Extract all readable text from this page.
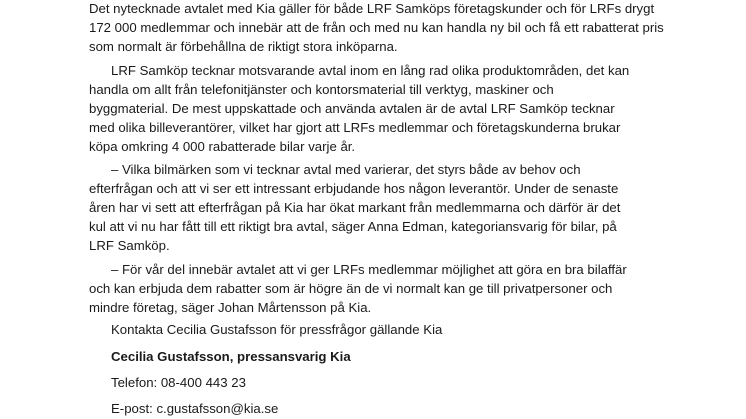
Det nytecknade avtalet med Kia gäller för både LRF Samköps företagskunder och för LRFs drygt
172 000 medlemmar och innebär att de från och med nu kan handla ny bil och få ett rabatterat pris
som normalt är förbehållna de riktigt stora inköparna.

LRF Samköp tecknar motsvarande avtal inom en lång rad olika produktområden, det kan
handla om allt från telefonitjänster och kontorsmaterial till verktyg, maskiner och
byggmaterial. De mest uppskattade och använda avtalen är de avtal LRF Samköp tecknar
med olika billeverantörer, vilket har gjort att LRFs medlemmar och företagskunderna brukar
köpa omkring 4 000 rabatterade bilar varje år.

– Vilka bilmärken som vi tecknar avtal med varierar, det styrs både av behov och
efterfrågan och att vi ser ett intressant erbjudande hos någon leverantör. Under de senaste
åren har vi sett att efterfrågan på Kia har ökat markant från medlemmarna och därför är det
kul att vi nu har fått till ett riktigt bra avtal, säger Anna Edman, kategoriansvarig för bilar, på
LRF Samköp.

– För vår del innebär avtalet att vi ger LRFs medlemmar möjlighet att göra en bra bilaffär
och kan erbjuda dem rabatter som är högre än de vi normalt kan ge till privatpersoner och
mindre företag, säger Johan Mårtensson på Kia.

Kontakta Cecilia Gustafsson för pressfrågor gällande Kia

Cecilia Gustafsson, pressansvarig Kia

Telefon: 08-400 443 23

E-post: c.gustafsson@kia.se
